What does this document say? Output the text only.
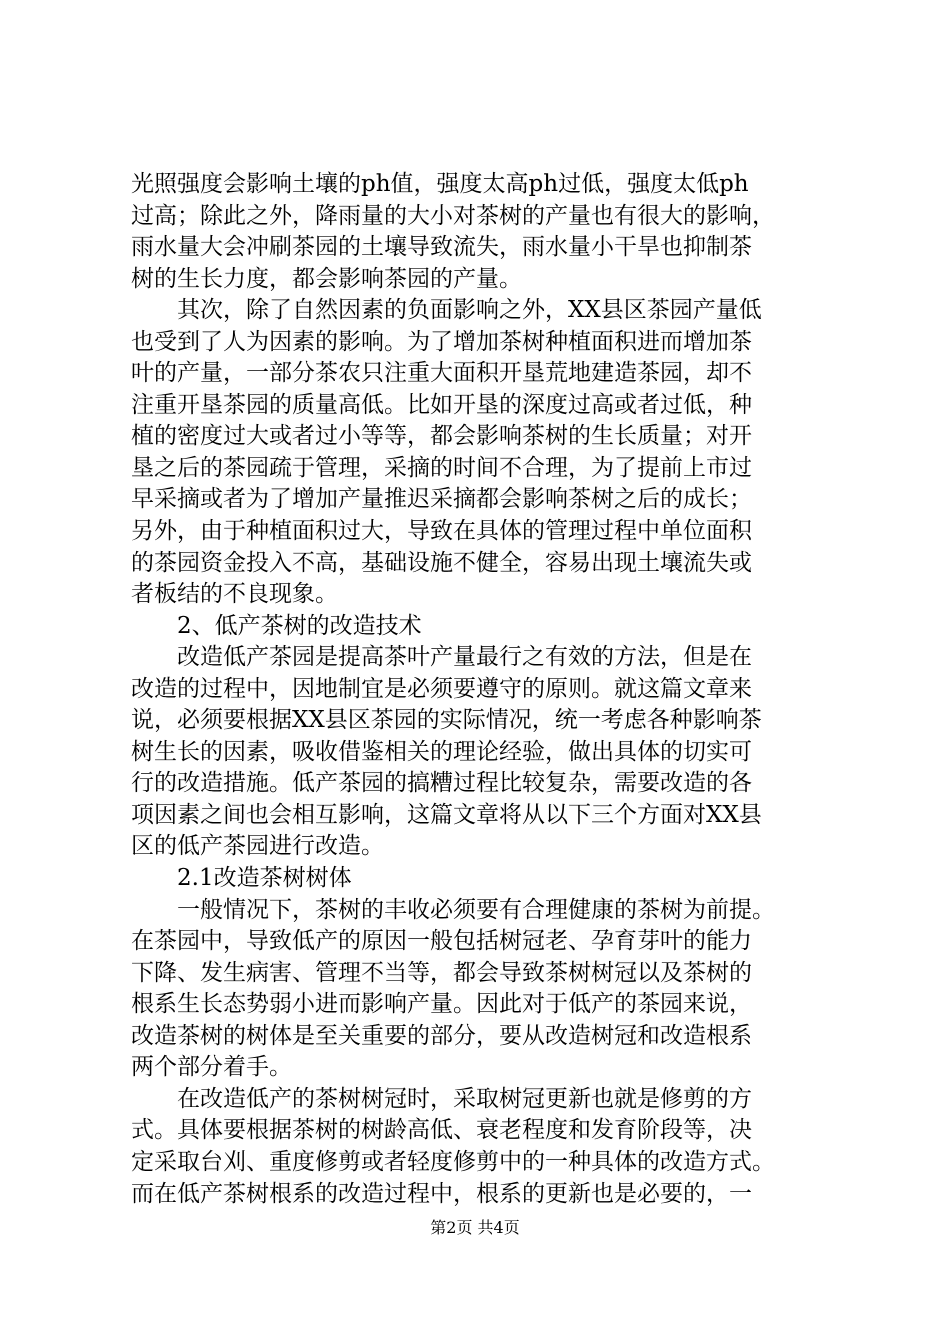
光照强度会影响土壤的ph值，强度太高ph过低，强度太低ph
过高；除此之外，降雨量的大小对茶树的产量也有很大的影响，
雨水量大会冲刷茶园的土壤导致流失，雨水量小干旱也抑制茶
树的生长力度，都会影响茶园的产量。
　　其次，除了自然因素的负面影响之外，XX县区茶园产量低
也受到了人为因素的影响。为了增加茶树种植面积进而增加茶
叶的产量，一部分茶农只注重大面积开垦荒地建造茶园，却不
注重开垦茶园的质量高低。比如开垦的深度过高或者过低，种
植的密度过大或者过小等等，都会影响茶树的生长质量；对开
垦之后的茶园疏于管理，采摘的时间不合理，为了提前上市过
早采摘或者为了增加产量推迟采摘都会影响茶树之后的成长；
另外，由于种植面积过大，导致在具体的管理过程中单位面积
的茶园资金投入不高，基础设施不健全，容易出现土壤流失或
者板结的不良现象。
　　2、低产茶树的改造技术
　　改造低产茶园是提高茶叶产量最行之有效的方法，但是在
改造的过程中，因地制宜是必须要遵守的原则。就这篇文章来
说，必须要根据XX县区茶园的实际情况，统一考虑各种影响茶
树生长的因素，吸收借鉴相关的理论经验，做出具体的切实可
行的改造措施。低产茶园的搞糟过程比较复杂，需要改造的各
项因素之间也会相互影响，这篇文章将从以下三个方面对XX县
区的低产茶园进行改造。
　　2.1改造茶树树体
　　一般情况下，茶树的丰收必须要有合理健康的茶树为前提。
在茶园中，导致低产的原因一般包括树冠老、孕育芽叶的能力
下降、发生病害、管理不当等，都会导致茶树树冠以及茶树的
根系生长态势弱小进而影响产量。因此对于低产的茶园来说，
改造茶树的树体是至关重要的部分，要从改造树冠和改造根系
两个部分着手。
　　在改造低产的茶树树冠时，采取树冠更新也就是修剪的方
式。具体要根据茶树的树龄高低、衰老程度和发育阶段等，决
定采取台刈、重度修剪或者轻度修剪中的一种具体的改造方式。
而在低产茶树根系的改造过程中，根系的更新也是必要的，一
第2页 共4页
